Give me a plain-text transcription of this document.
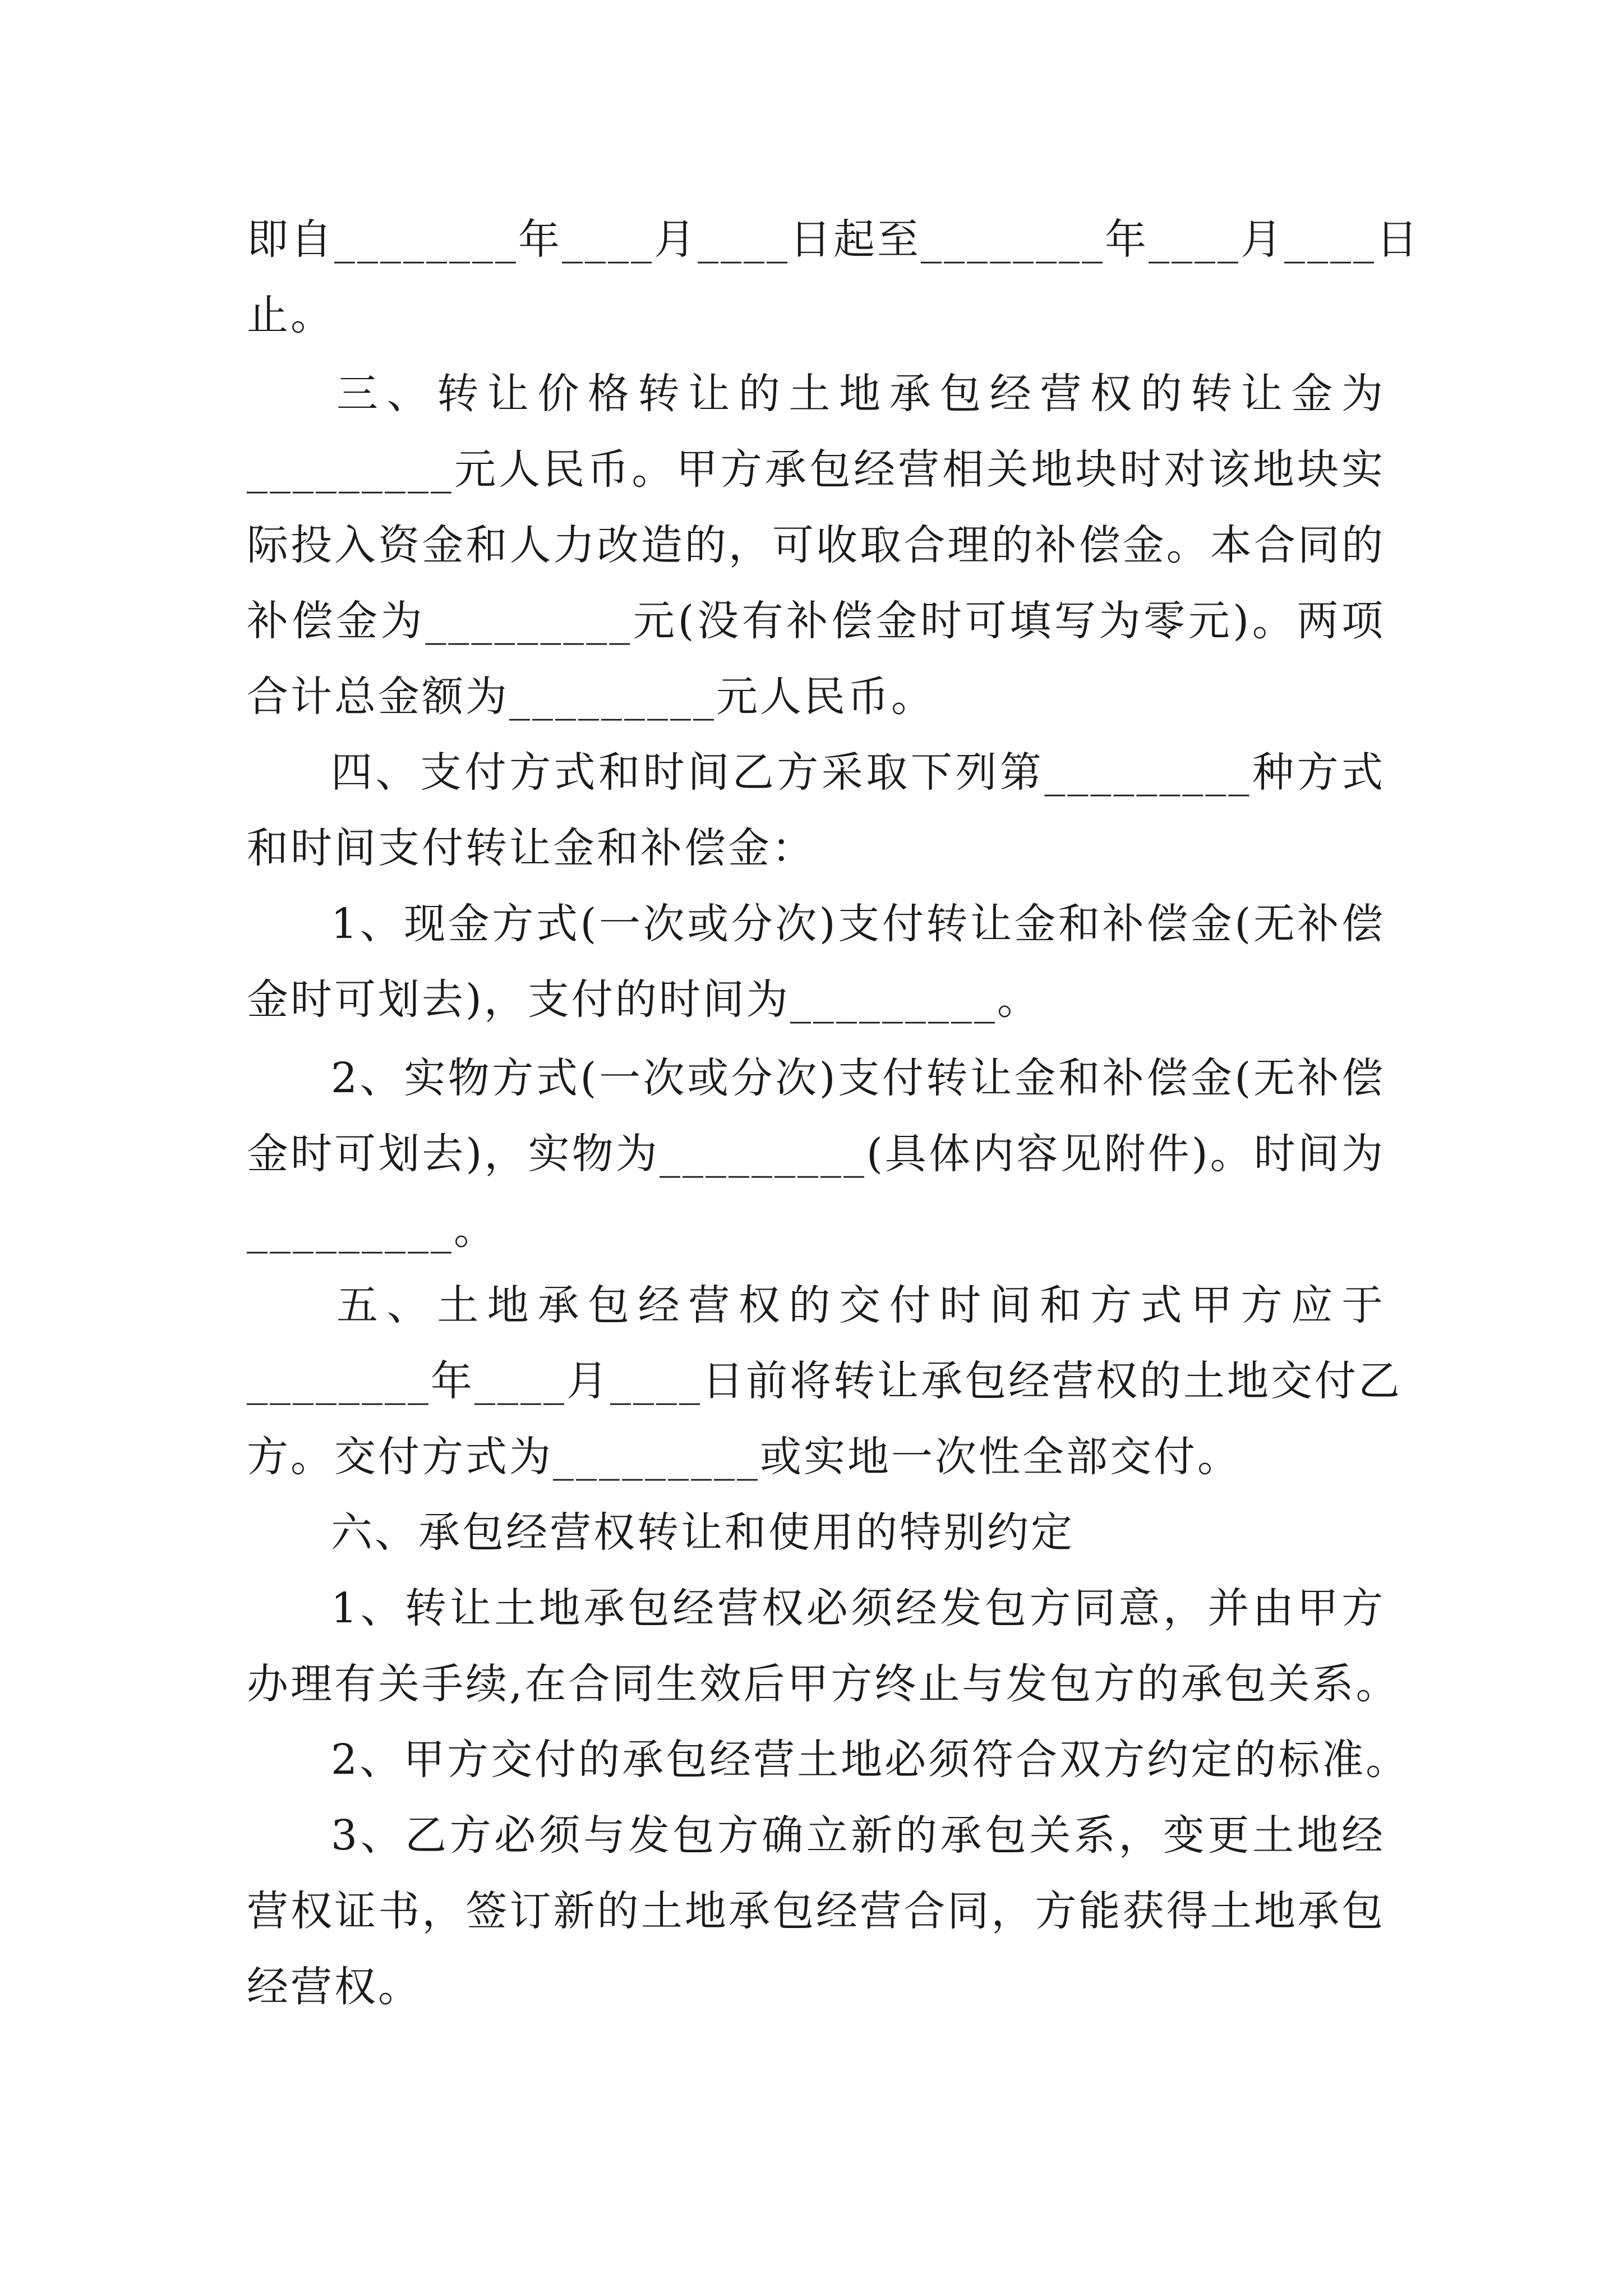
即自________年____月____日起至________年____月____日
止。
三、转让价格转让的土地承包经营权的转让金为
_________元人民币。甲方承包经营相关地块时对该地块实
际投入资金和人力改造的，可收取合理的补偿金。本合同的
补偿金为_________元(没有补偿金时可填写为零元)。两项
合计总金额为_________元人民币。
四、支付方式和时间乙方采取下列第_________种方式
和时间支付转让金和补偿金：
1、现金方式(一次或分次)支付转让金和补偿金(无补偿
金时可划去)，支付的时间为_________。
2、实物方式(一次或分次)支付转让金和补偿金(无补偿
金时可划去)，实物为_________(具体内容见附件)。时间为
_________。
五、土地承包经营权的交付时间和方式甲方应于
________年____月____日前将转让承包经营权的土地交付乙
方。交付方式为_________或实地一次性全部交付。
六、承包经营权转让和使用的特别约定
1、转让土地承包经营权必须经发包方同意，并由甲方
办理有关手续,在合同生效后甲方终止与发包方的承包关系。
2、甲方交付的承包经营土地必须符合双方约定的标准。
3、乙方必须与发包方确立新的承包关系，变更土地经
营权证书，签订新的土地承包经营合同，方能获得土地承包
经营权。
